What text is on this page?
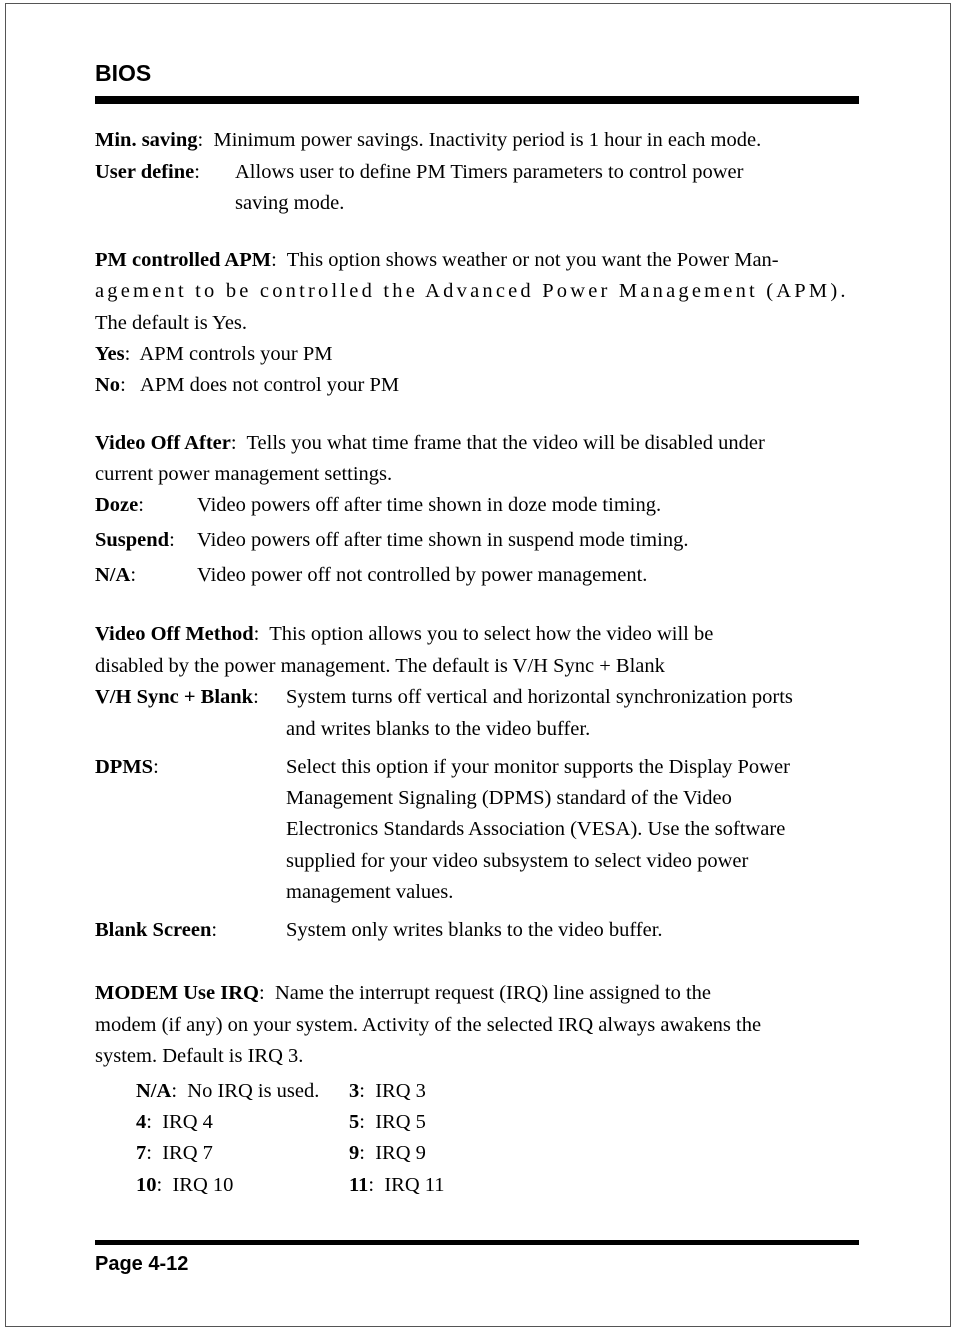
BIOS
Min. saving:  Minimum power savings. Inactivity period is 1 hour in each mode.
User define: Allows user to define PM Timers parameters to control power
saving mode.
PM controlled APM:  This option shows weather or not you want the Power Man-
agement to be controlled the Advanced Power Management (APM).
The default is Yes.
Yes:  APM controls your PM
No:   APM does not control your PM
Video Off After:  Tells you what time frame that the video will be disabled under
current power management settings.
Doze:	Video powers off after time shown in doze mode timing.
Suspend: Video powers off after time shown in suspend mode timing.
N/A:	Video power off not controlled by power management.
Video Off Method:  This option allows you to select how the video will be
disabled by the power management. The default is V/H Sync + Blank
V/H Sync + Blank: System turns off vertical and horizontal synchronization ports
and writes blanks to the video buffer.
DPMS:	Select this option if your monitor supports the Display Power
Management Signaling (DPMS) standard of the Video
Electronics Standards Association (VESA). Use the software
supplied for your video subsystem to select video power
management values.
Blank Screen:	System only writes blanks to the video buffer.
MODEM Use IRQ:  Name the interrupt request (IRQ) line assigned to the
modem (if any) on your system. Activity of the selected IRQ always awakens the
system. Default is IRQ 3.
N/A:  No IRQ is used. 3:  IRQ 3
4:  IRQ 4	5:  IRQ 5
7:  IRQ 7	9:  IRQ 9
10:  IRQ 10	11:  IRQ 11
Page 4-12
